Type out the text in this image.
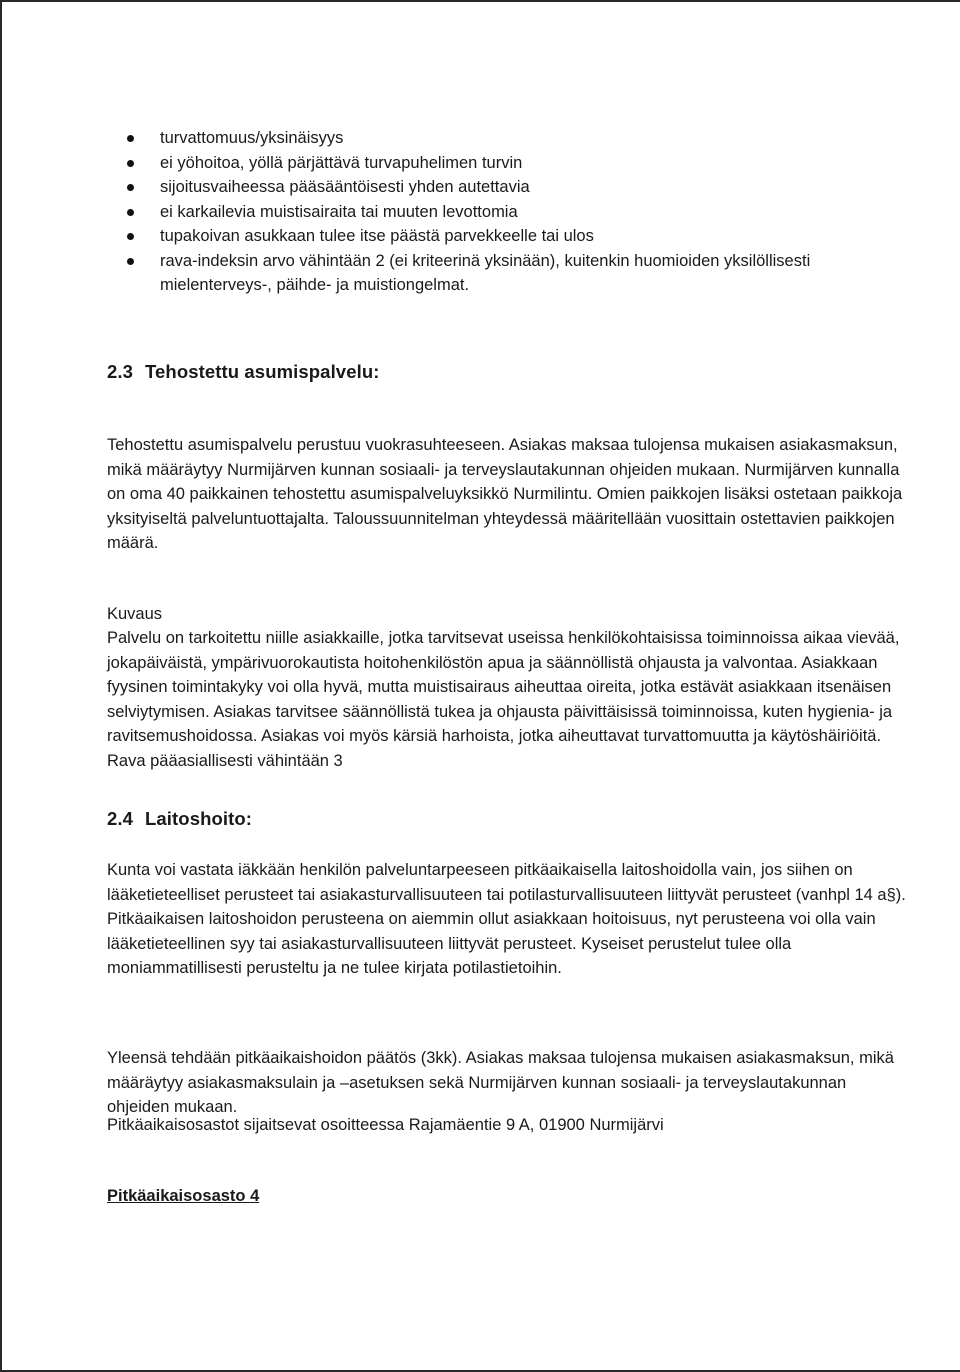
turvattomuus/yksinäisyys
ei yöhoitoa, yöllä pärjättävä turvapuhelimen turvin
sijoitusvaiheessa pääsääntöisesti yhden autettavia
ei karkailevia muistisairaita tai muuten levottomia
tupakoivan asukkaan tulee itse päästä parvekkeelle tai ulos
rava-indeksin arvo vähintään 2 (ei kriteerinä yksinään), kuitenkin huomioiden yksilöllisesti mielenterveys-, päihde- ja muistiongelmat.
2.3 Tehostettu asumispalvelu:

Tehostettu asumispalvelu perustuu vuokrasuhteeseen. Asiakas maksaa tulojensa mukaisen asiakasmaksun, mikä määräytyy Nurmijärven kunnan sosiaali- ja terveyslautakunnan ohjeiden mukaan. Nurmijärven kunnalla on oma 40 paikkainen tehostettu asumispalveluyksikkö Nurmilintu. Omien paikkojen lisäksi ostetaan paikkoja yksityiseltä palveluntuottajalta. Taloussuunnitelman yhteydessä määritellään vuosittain ostettavien paikkojen määrä.

Kuvaus

Palvelu on tarkoitettu niille asiakkaille, jotka tarvitsevat useissa henkilökohtaisissa toiminnoissa aikaa vievää, jokapäiväistä, ympärivuorokautista hoitohenkilöstön apua ja säännöllistä ohjausta ja valvontaa. Asiakkaan fyysinen toimintakyky voi olla hyvä, mutta muistisairaus aiheuttaa oireita, jotka estävät asiakkaan itsenäisen selviytymisen. Asiakas tarvitsee säännöllistä tukea ja ohjausta päivittäisissä toiminnoissa, kuten hygienia- ja ravitsemushoidossa. Asiakas voi myös kärsiä harhoista, jotka aiheuttavat turvattomuutta ja käytöshäiriöitä. Rava pääasiallisesti vähintään 3

2.4 Laitoshoito:

Kunta voi vastata iäkkään henkilön palveluntarpeeseen pitkäaikaisella laitoshoidolla vain, jos siihen on lääketieteelliset perusteet tai asiakasturvallisuuteen tai potilasturvallisuuteen liittyvät perusteet (vanhpl 14 a§). Pitkäaikaisen laitoshoidon perusteena on aiemmin ollut asiakkaan hoitoisuus, nyt perusteena voi olla vain lääketieteellinen syy tai asiakasturvallisuuteen liittyvät perusteet. Kyseiset perustelut tulee olla moniammatillisesti perusteltu ja ne tulee kirjata potilastietoihin.

Yleensä tehdään pitkäaikaishoidon päätös (3kk). Asiakas maksaa tulojensa mukaisen asiakasmaksun, mikä määräytyy asiakasmaksulain ja –asetuksen sekä Nurmijärven kunnan sosiaali- ja terveyslautakunnan ohjeiden mukaan.

Pitkäaikaisosastot sijaitsevat osoitteessa Rajamäentie 9 A, 01900 Nurmijärvi

Pitkäaikaisosasto 4
